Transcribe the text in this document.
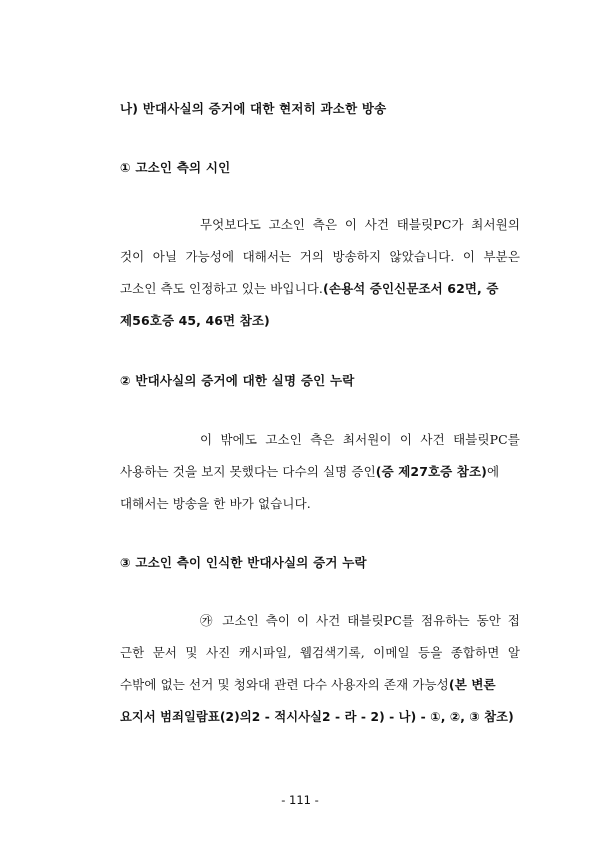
나) 반대사실의 증거에 대한 현저히 과소한 방송
① 고소인 측의 시인
무엇보다도 고소인 측은 이 사건 태블릿PC가 최서원의
것이 아닐 가능성에 대해서는 거의 방송하지 않았습니다. 이 부분은
고소인 측도 인정하고 있는 바입니다.(손용석 증인신문조서 62면, 증
제56호증 45, 46면 참조)
② 반대사실의 증거에 대한 실명 증인 누락
이 밖에도 고소인 측은 최서원이 이 사건 태블릿PC를
사용하는 것을 보지 못했다는 다수의 실명 증인(증 제27호증 참조)에
대해서는 방송을 한 바가 없습니다.
③ 고소인 측이 인식한 반대사실의 증거 누락
㉮ 고소인 측이 이 사건 태블릿PC를 점유하는 동안 접
근한 문서 및 사진 캐시파일, 웹검색기록, 이메일 등을 종합하면 알
수밖에 없는 선거 및 청와대 관련 다수 사용자의 존재 가능성(본 변론
요지서 범죄일람표(2)의2 - 적시사실2 - 라 - 2) - 나) - ①, ②, ③ 참조)
- 111 -
